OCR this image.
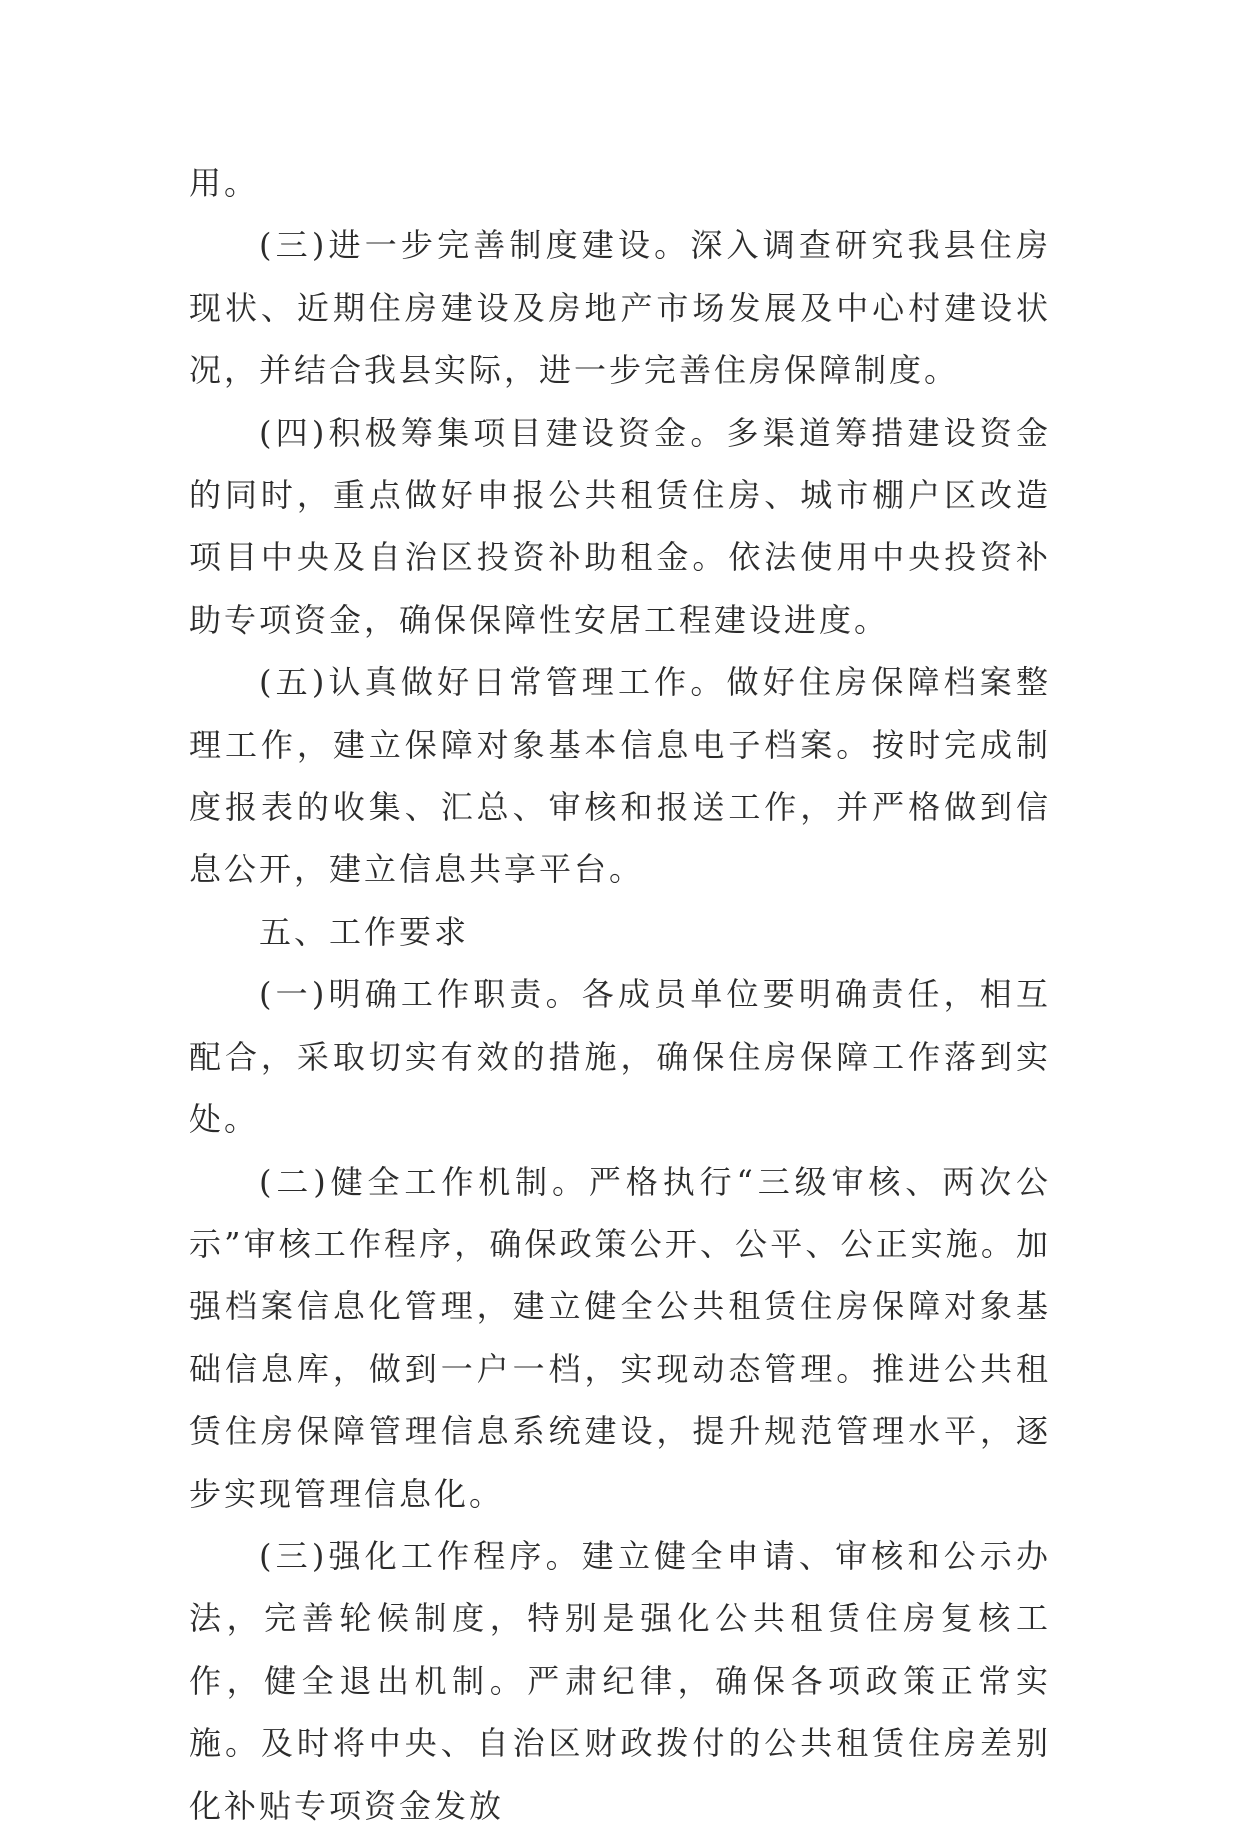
用。

(三)进一步完善制度建设。深入调查研究我县住房现状、近期住房建设及房地产市场发展及中心村建设状况，并结合我县实际，进一步完善住房保障制度。

(四)积极筹集项目建设资金。多渠道筹措建设资金的同时，重点做好申报公共租赁住房、城市棚户区改造项目中央及自治区投资补助租金。依法使用中央投资补助专项资金，确保保障性安居工程建设进度。

(五)认真做好日常管理工作。做好住房保障档案整理工作，建立保障对象基本信息电子档案。按时完成制度报表的收集、汇总、审核和报送工作，并严格做到信息公开，建立信息共享平台。

五、工作要求

(一)明确工作职责。各成员单位要明确责任，相互配合，采取切实有效的措施，确保住房保障工作落到实处。

(二)健全工作机制。严格执行“三级审核、两次公示”审核工作程序，确保政策公开、公平、公正实施。加强档案信息化管理，建立健全公共租赁住房保障对象基础信息库，做到一户一档，实现动态管理。推进公共租赁住房保障管理信息系统建设，提升规范管理水平，逐步实现管理信息化。

(三)强化工作程序。建立健全申请、审核和公示办法，完善轮候制度，特别是强化公共租赁住房复核工作，健全退出机制。严肃纪律，确保各项政策正常实施。及时将中央、自治区财政拨付的公共租赁住房差别化补贴专项资金发放
